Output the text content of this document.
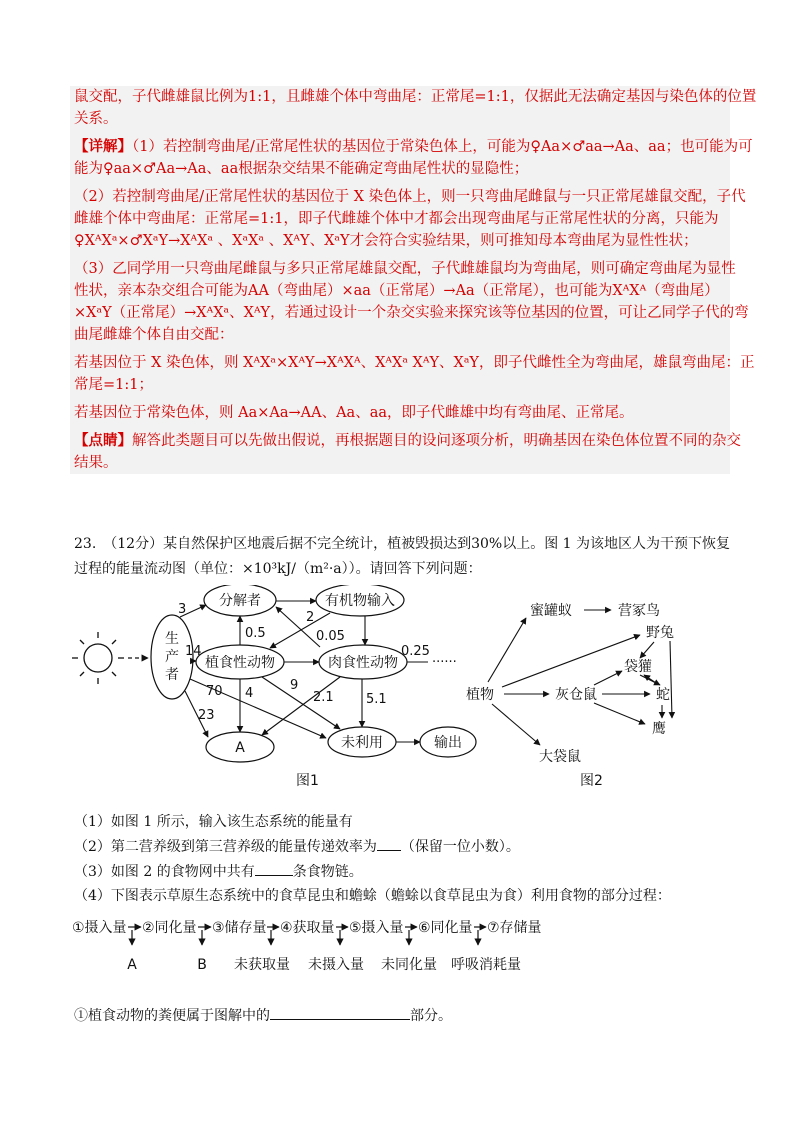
鼠交配，子代雌雄鼠比例为1:1，且雌雄个体中弯曲尾：正常尾=1:1，仅据此无法确定基因与染色体的位置
关系。
【详解】（1）若控制弯曲尾/正常尾性状的基因位于常染色体上，可能为♀Aa×♂aa→Aa、aa；也可能为可
能为♀aa×♂Aa→Aa、aa根据杂交结果不能确定弯曲尾性状的显隐性；
（2）若控制弯曲尾/正常尾性状的基因位于 X 染色体上，则一只弯曲尾雌鼠与一只正常尾雄鼠交配，子代
雌雄个体中弯曲尾：正常尾=1:1，即子代雌雄个体中才都会出现弯曲尾与正常尾性状的分离，只能为
♀XᴬXᵃ×♂XᵃY→XᴬXᵃ 、XᵃXᵃ 、XᴬY、XᵃY才会符合实验结果，则可推知母本弯曲尾为显性性状；
（3）乙同学用一只弯曲尾雌鼠与多只正常尾雄鼠交配，子代雌雄鼠均为弯曲尾，则可确定弯曲尾为显性
性状，亲本杂交组合可能为AA（弯曲尾）×aa（正常尾）→Aa（正常尾），也可能为XᴬXᴬ（弯曲尾）
×XᵃY（正常尾）→XᴬXᵃ、XᴬY，若通过设计一个杂交实验来探究该等位基因的位置，可让乙同学子代的弯
曲尾雌雄个体自由交配：
若基因位于 X 染色体，则 XᴬXᵃ×XᴬY→XᴬXᴬ、XᴬXᵃ XᴬY、XᵃY，即子代雌性全为弯曲尾，雄鼠弯曲尾：正
常尾=1:1；
若基因位于常染色体，则 Aa×Aa→AA、Aa、aa，即子代雌雄中均有弯曲尾、正常尾。
【点睛】解答此类题目可以先做出假说，再根据题目的设问逐项分析，明确基因在染色体位置不同的杂交
结果。
23.　（12分）某自然保护区地震后据不完全统计，植被毁损达到30%以上。图 1 为该地区人为干预下恢复
过程的能量流动图（单位：×10³kJ/（m²·a））。请回答下列问题：
生
产
者
分解者	有机物输入
植食性动物	肉食性动物
A	未利用	输出
······
3
14
0.5
2
0.05
0.25
70
23
4
9
2.1 5.1
图1
蜜罐蚁	营冢鸟
野兔
袋獾
植物	灰仓鼠	蛇
鹰
大袋鼠
图2
（1）如图 1 所示，输入该生态系统的能量有
（2）第二营养级到第三营养级的能量传递效率为 （保留一位小数）。
（3）如图 2 的食物网中共有	条食物链。
（4）下图表示草原生态系统中的食草昆虫和蟾蜍（蟾蜍以食草昆虫为食）利用食物的部分过程：
①摄入量 ②同化量 ③储存量 ④获取量 ⑤摄入量 ⑥同化量 ⑦存储量
A	B 未获取量 未摄入量 未同化量 呼吸消耗量
①植食动物的粪便属于图解中的	部分。
